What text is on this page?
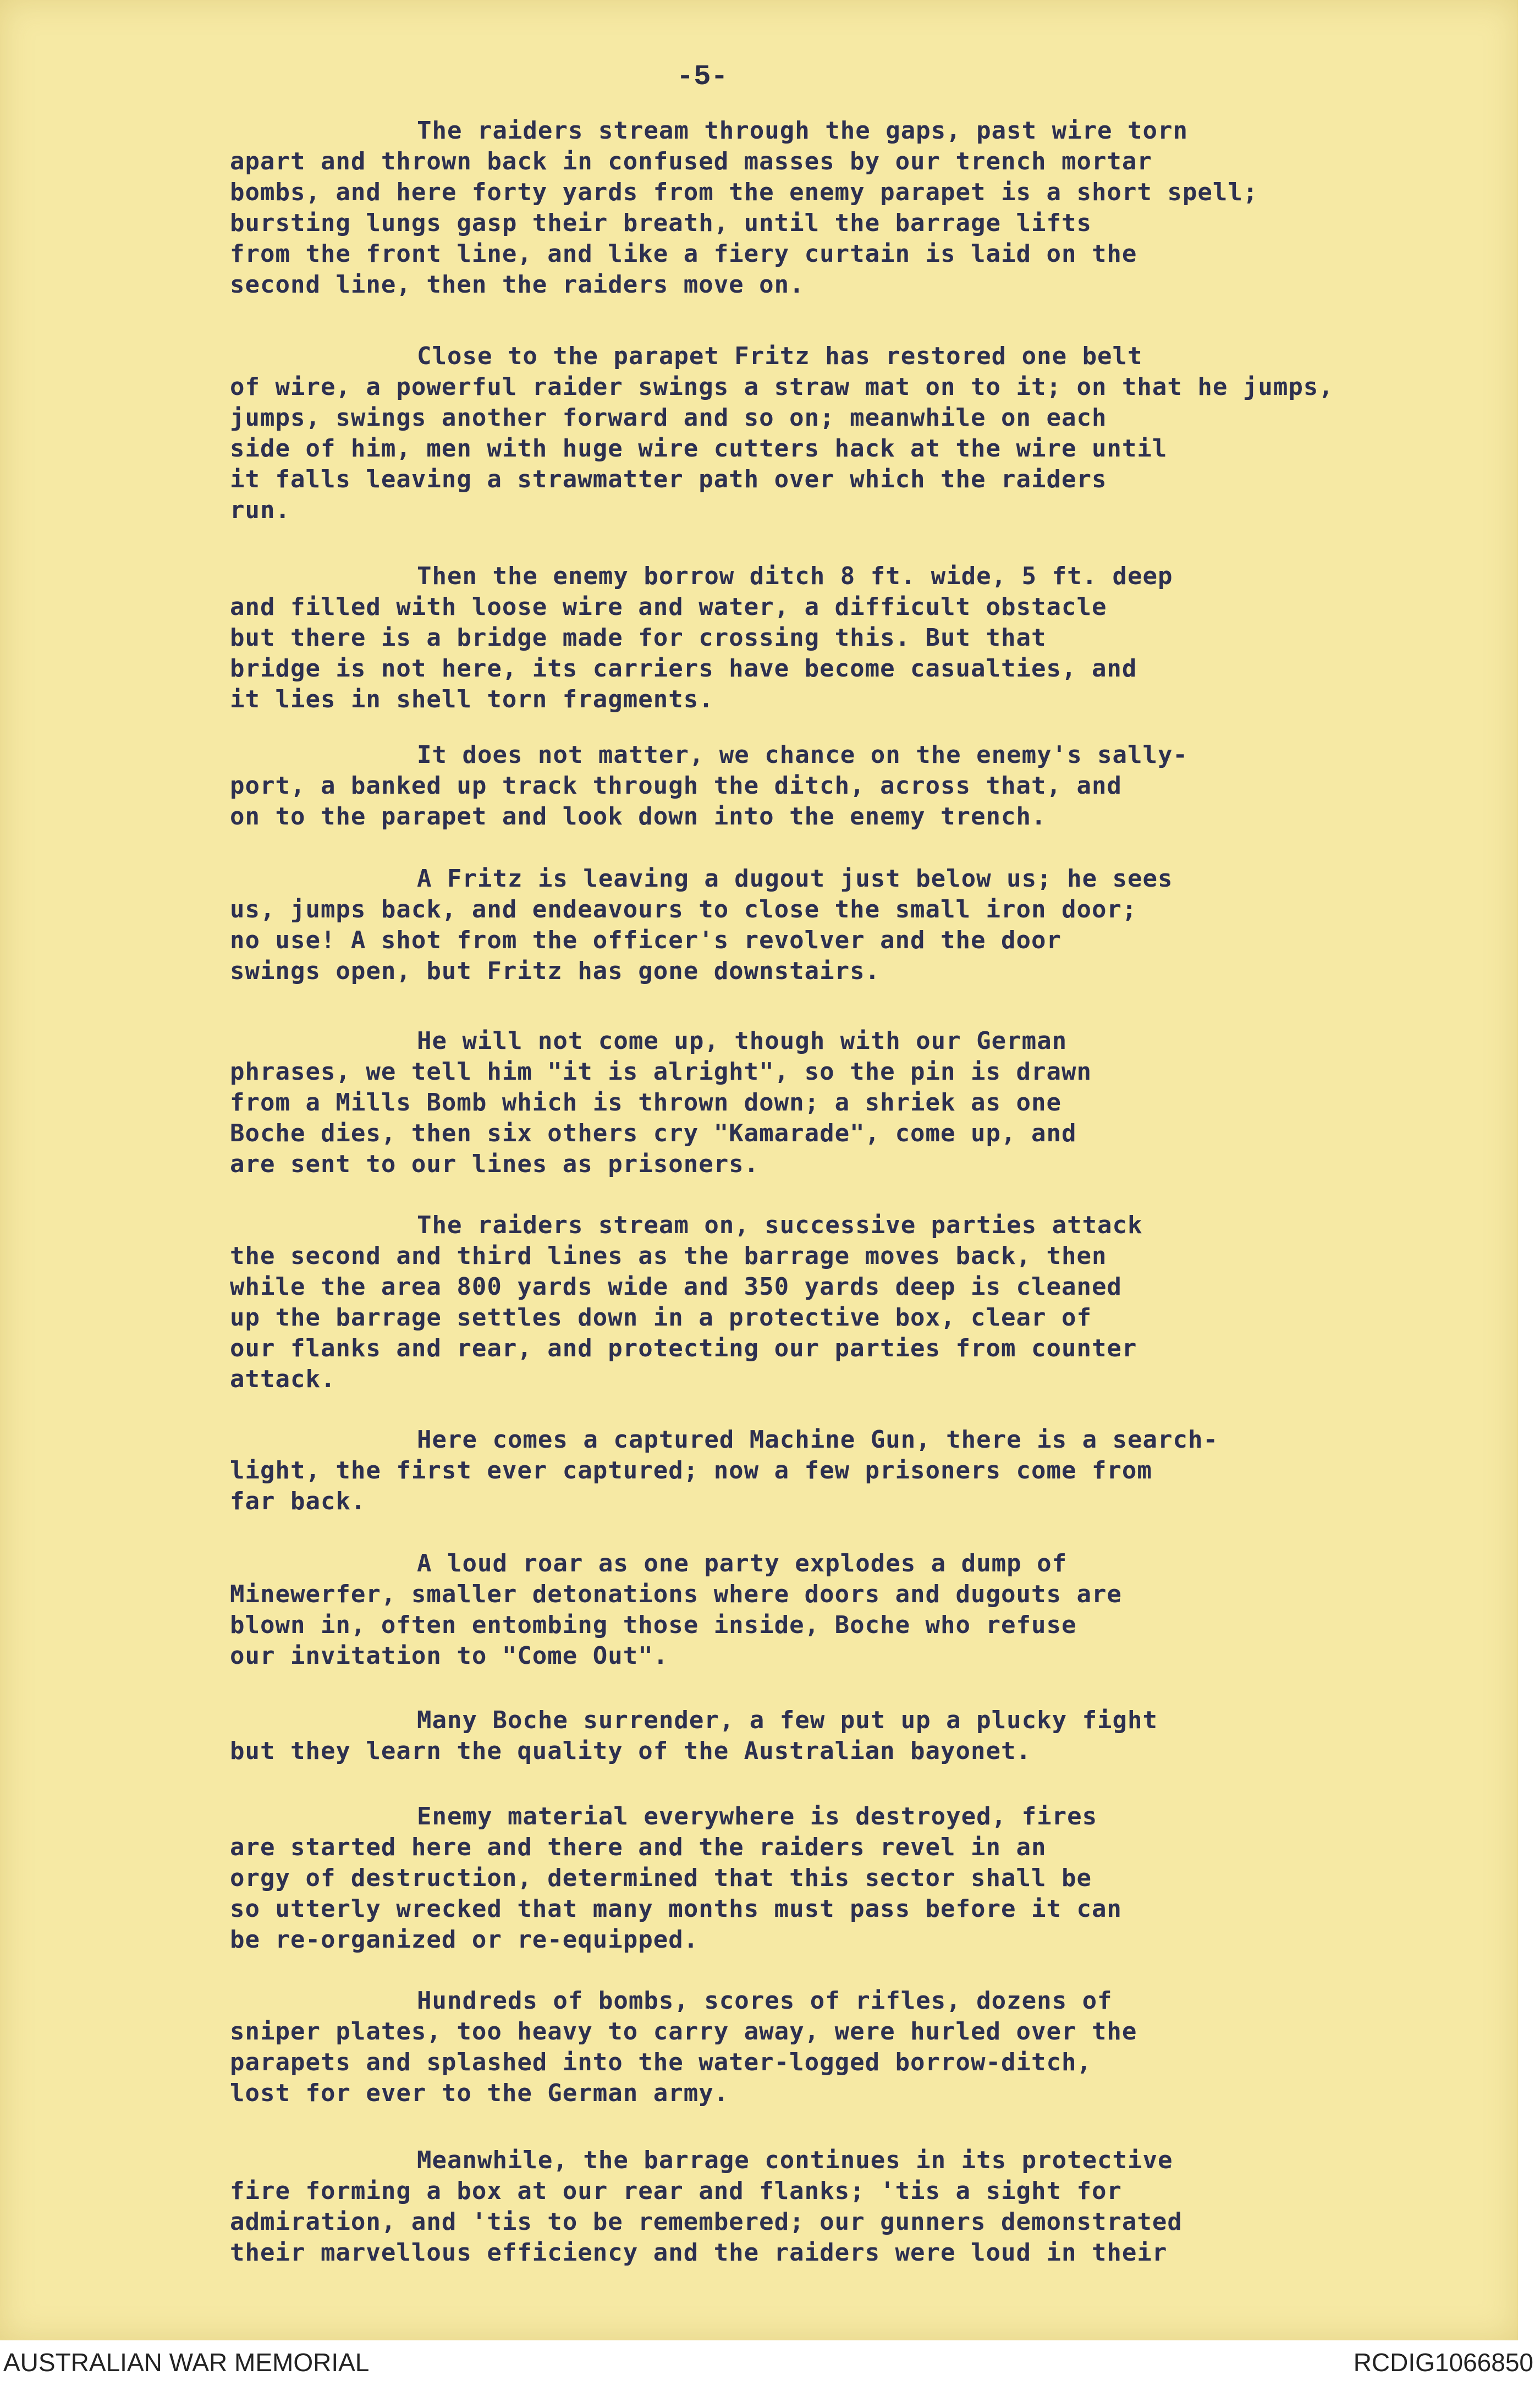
-5-
The raiders stream through the gaps, past wire torn
apart and thrown back in confused masses by our trench mortar
bombs, and here forty yards from the enemy parapet is a short spell;
bursting lungs gasp their breath, until the barrage lifts
from the front line, and like a fiery curtain is laid on the
second line, then the raiders move on.
Close to the parapet Fritz has restored one belt
of wire, a powerful raider swings a straw mat on to it; on that he jumps,
jumps, swings another forward and so on; meanwhile on each
side of him, men with huge wire cutters hack at the wire until
it falls leaving a strawmatter path over which the raiders
run.
Then the enemy borrow ditch 8 ft. wide, 5 ft. deep
and filled with loose wire and water, a difficult obstacle
but there is a bridge made for crossing this. But that
bridge is not here, its carriers have become casualties, and
it lies in shell torn fragments.
It does not matter, we chance on the enemy's sally-
port, a banked up track through the ditch, across that, and
on to the parapet and look down into the enemy trench.
A Fritz is leaving a dugout just below us; he sees
us, jumps back, and endeavours to close the small iron door;
no use! A shot from the officer's revolver and the door
swings open, but Fritz has gone downstairs.
He will not come up, though with our German
phrases, we tell him "it is alright", so the pin is drawn
from a Mills Bomb which is thrown down; a shriek as one
Boche dies, then six others cry "Kamarade", come up, and
are sent to our lines as prisoners.
The raiders stream on, successive parties attack
the second and third lines as the barrage moves back, then
while the area 800 yards wide and 350 yards deep is cleaned
up the barrage settles down in a protective box, clear of
our flanks and rear, and protecting our parties from counter
attack.
Here comes a captured Machine Gun, there is a search-
light, the first ever captured; now a few prisoners come from
far back.
A loud roar as one party explodes a dump of
Minewerfer, smaller detonations where doors and dugouts are
blown in, often entombing those inside, Boche who refuse
our invitation to "Come Out".
Many Boche surrender, a few put up a plucky fight
but they learn the quality of the Australian bayonet.
Enemy material everywhere is destroyed, fires
are started here and there and the raiders revel in an
orgy of destruction, determined that this sector shall be
so utterly wrecked that many months must pass before it can
be re-organized or re-equipped.
Hundreds of bombs, scores of rifles, dozens of
sniper plates, too heavy to carry away, were hurled over the
parapets and splashed into the water-logged borrow-ditch,
lost for ever to the German army.
Meanwhile, the barrage continues in its protective
fire forming a box at our rear and flanks; 'tis a sight for
admiration, and 'tis to be remembered; our gunners demonstrated
their marvellous efficiency and the raiders were loud in their
AUSTRALIAN WAR MEMORIAL	RCDIG1066850
